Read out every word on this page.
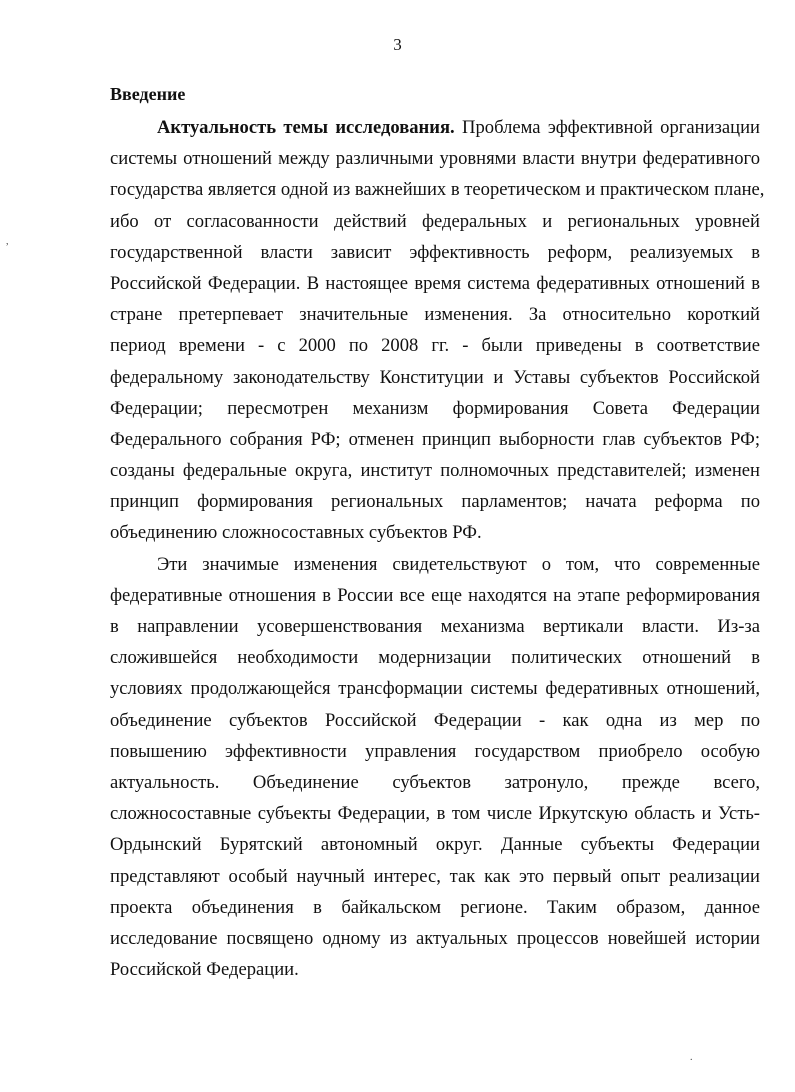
3
Введение
Актуальность темы исследования. Проблема эффективной организации
системы отношений между различными уровнями власти внутри федеративного
государства является одной из важнейших в теоретическом и практическом плане,
ибо от согласованности действий федеральных и региональных уровней
государственной власти зависит эффективность реформ, реализуемых в
Российской Федерации. В настоящее время система федеративных отношений в
стране претерпевает значительные изменения. За относительно короткий
период времени - с 2000 по 2008 гг. - были приведены в соответствие
федеральному законодательству Конституции и Уставы субъектов Российской
Федерации; пересмотрен механизм формирования Совета Федерации
Федерального собрания РФ; отменен принцип выборности глав субъектов РФ;
созданы федеральные округа, институт полномочных представителей; изменен
принцип формирования региональных парламентов; начата реформа по
объединению сложносоставных субъектов РФ.
Эти значимые изменения свидетельствуют о том, что современные
федеративные отношения в России все еще находятся на этапе реформирования
в направлении усовершенствования механизма вертикали власти. Из-за
сложившейся необходимости модернизации политических отношений в
условиях продолжающейся трансформации системы федеративных отношений,
объединение субъектов Российской Федерации - как одна из мер по
повышению эффективности управления государством приобрело особую
актуальность. Объединение субъектов затронуло, прежде всего,
сложносоставные субъекты Федерации, в том числе Иркутскую область и Усть-
Ордынский Бурятский автономный округ. Данные субъекты Федерации
представляют особый научный интерес, так как это первый опыт реализации
проекта объединения в байкальском регионе. Таким образом, данное
исследование посвящено одному из актуальных процессов новейшей истории
Российской Федерации.
,
.
